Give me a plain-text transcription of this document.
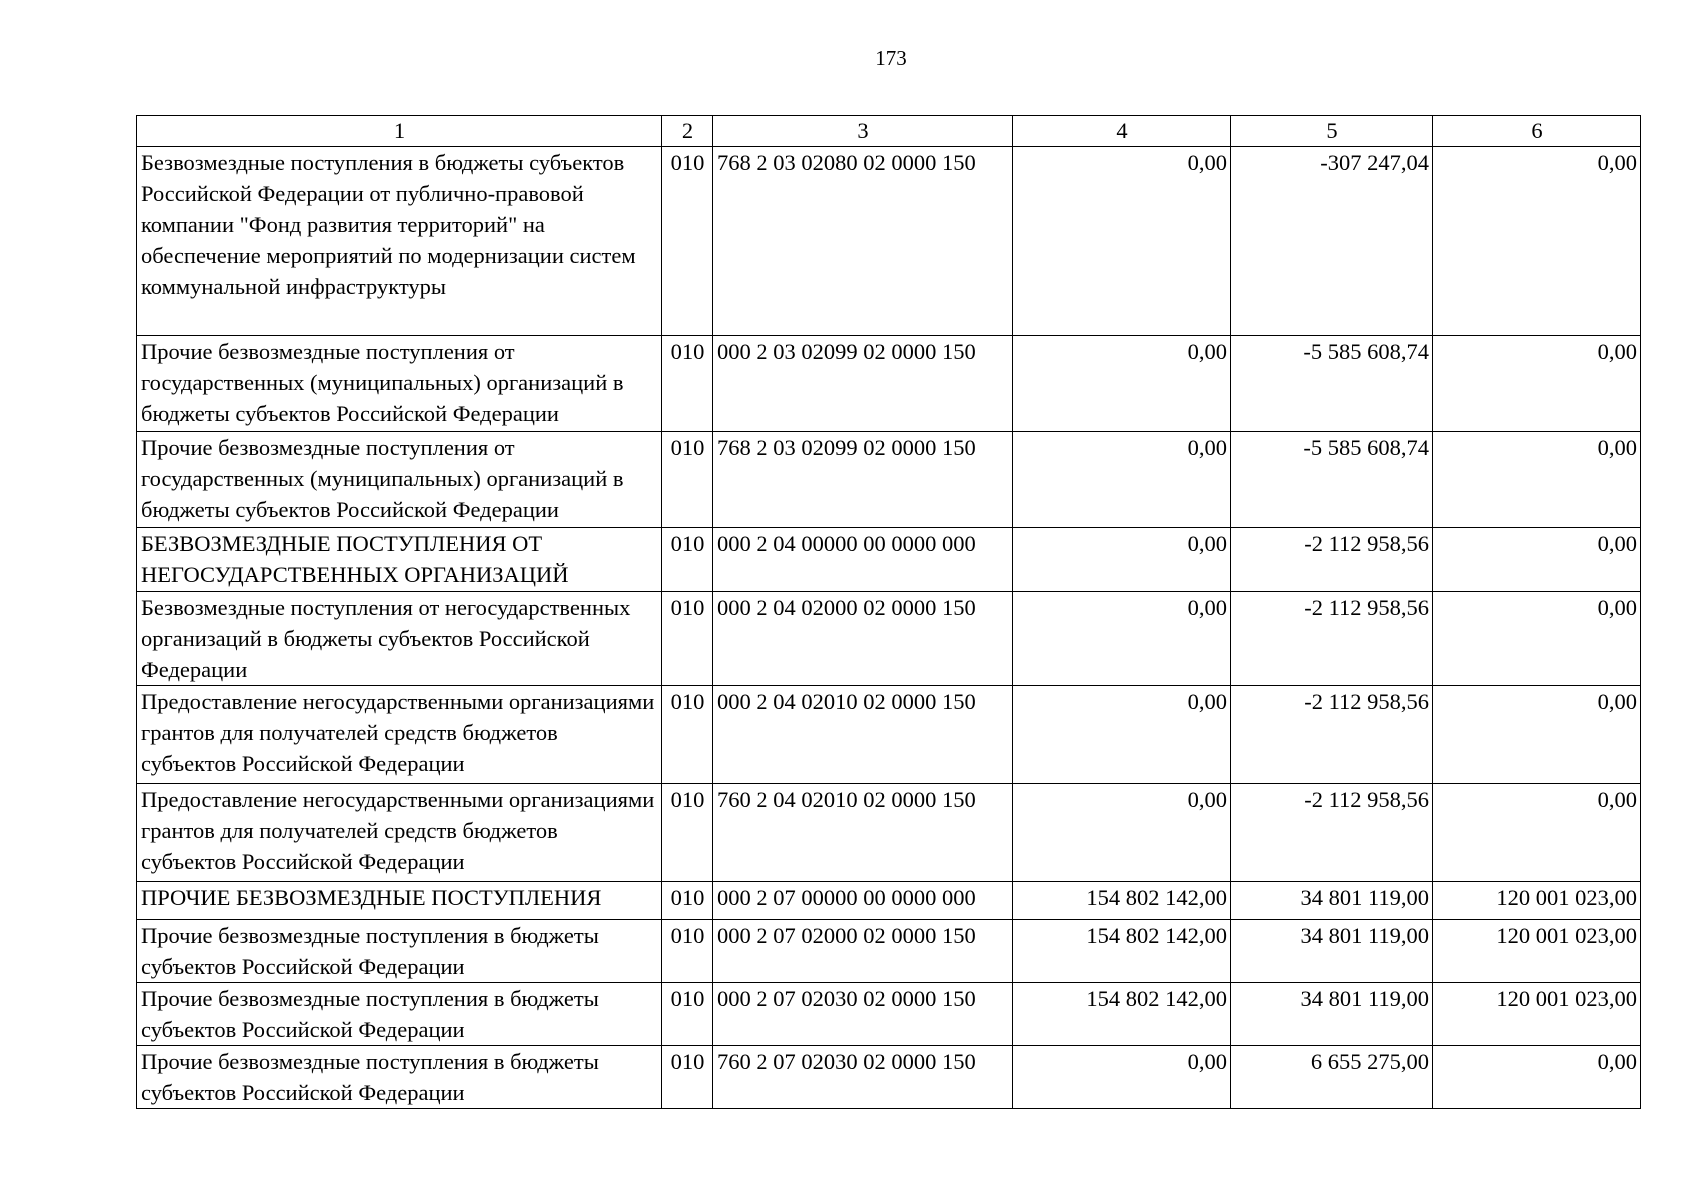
173
1	2	3	4	5	6
Безвозмездные поступления в бюджеты субъектов Российской Федерации от публично-правовой компании "Фонд развития территорий" на обеспечение мероприятий по модернизации систем коммунальной инфраструктуры	010	768 2 03 02080 02 0000 150	0,00	-307 247,04	0,00
Прочие безвозмездные поступления от государственных (муниципальных) организаций в бюджеты субъектов Российской Федерации	010	000 2 03 02099 02 0000 150	0,00	-5 585 608,74	0,00
Прочие безвозмездные поступления от государственных (муниципальных) организаций в бюджеты субъектов Российской Федерации	010	768 2 03 02099 02 0000 150	0,00	-5 585 608,74	0,00
БЕЗВОЗМЕЗДНЫЕ ПОСТУПЛЕНИЯ ОТ НЕГОСУДАРСТВЕННЫХ ОРГАНИЗАЦИЙ	010	000 2 04 00000 00 0000 000	0,00	-2 112 958,56	0,00
Безвозмездные поступления от негосударственных организаций в бюджеты субъектов Российской Федерации	010	000 2 04 02000 02 0000 150	0,00	-2 112 958,56	0,00
Предоставление негосударственными организациями грантов для получателей средств бюджетов субъектов Российской Федерации	010	000 2 04 02010 02 0000 150	0,00	-2 112 958,56	0,00
Предоставление негосударственными организациями грантов для получателей средств бюджетов субъектов Российской Федерации	010	760 2 04 02010 02 0000 150	0,00	-2 112 958,56	0,00
ПРОЧИЕ БЕЗВОЗМЕЗДНЫЕ ПОСТУПЛЕНИЯ	010	000 2 07 00000 00 0000 000	154 802 142,00	34 801 119,00	120 001 023,00
Прочие безвозмездные поступления в бюджеты субъектов Российской Федерации	010	000 2 07 02000 02 0000 150	154 802 142,00	34 801 119,00	120 001 023,00
Прочие безвозмездные поступления в бюджеты субъектов Российской Федерации	010	000 2 07 02030 02 0000 150	154 802 142,00	34 801 119,00	120 001 023,00
Прочие безвозмездные поступления в бюджеты субъектов Российской Федерации	010	760 2 07 02030 02 0000 150	0,00	6 655 275,00	0,00
